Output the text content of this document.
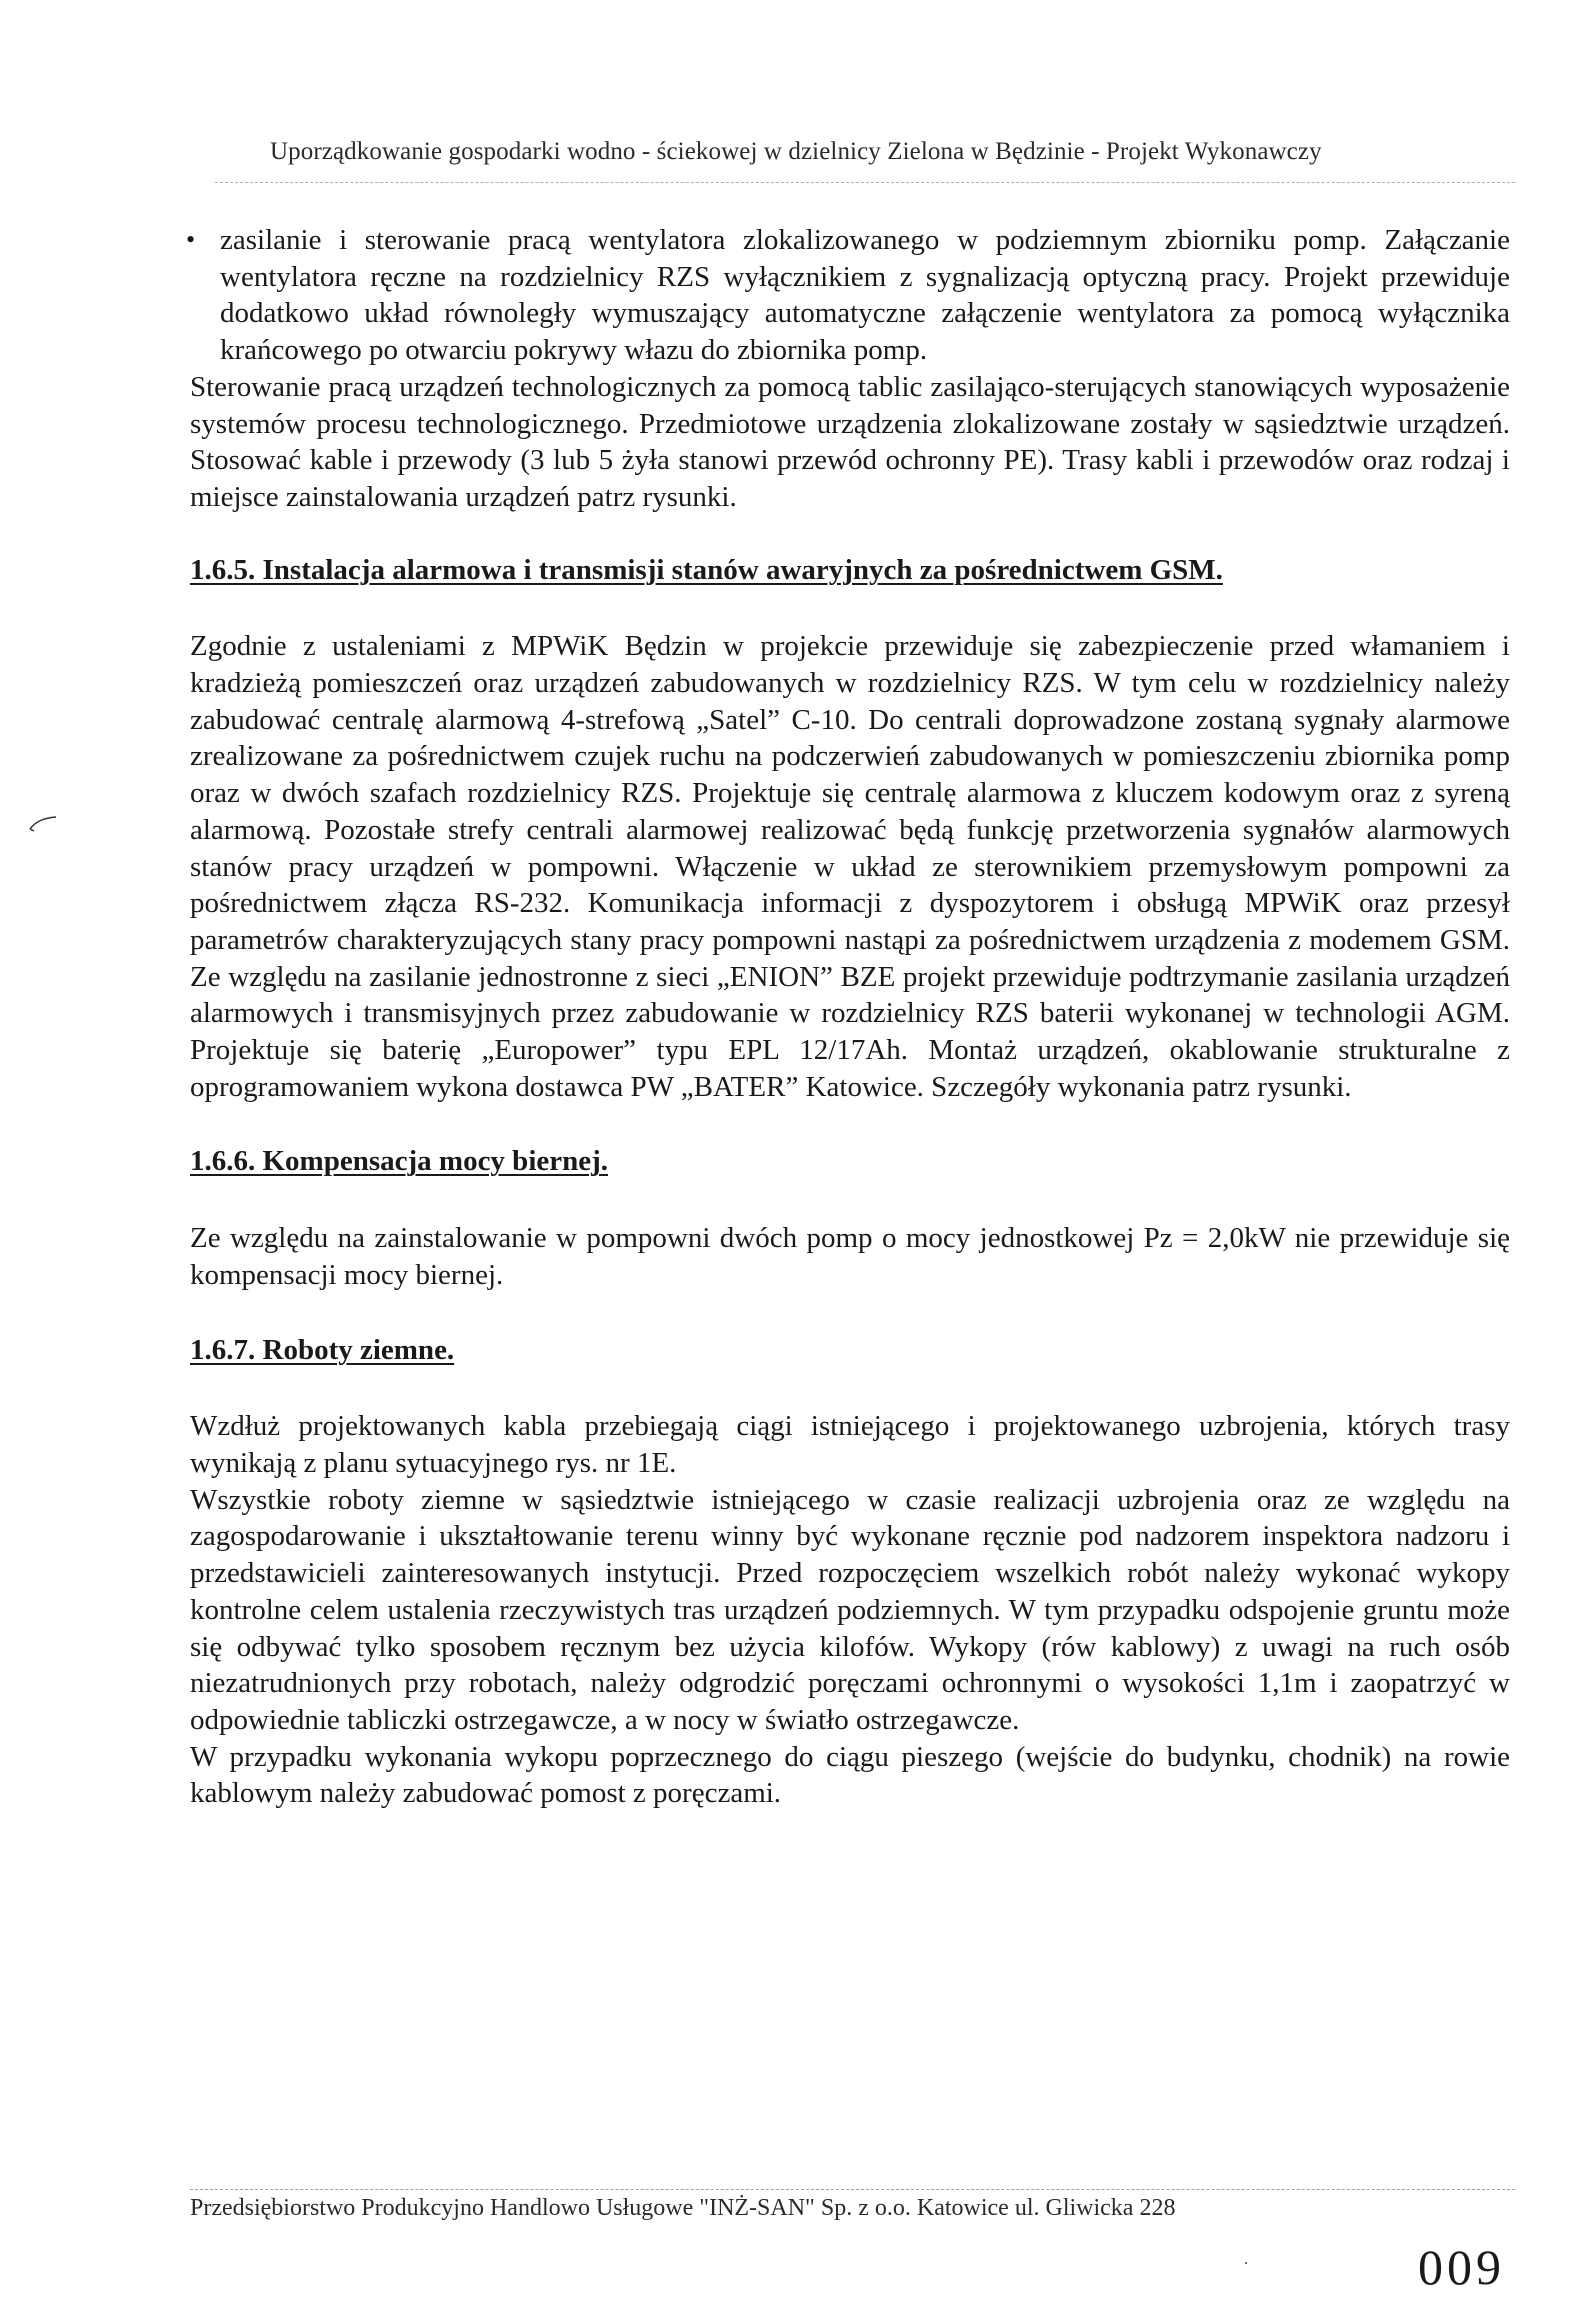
Uporządkowanie gospodarki wodno - ściekowej w dzielnicy Zielona w Będzinie - Projekt Wykonawczy
• zasilanie i sterowanie pracą wentylatora zlokalizowanego w podziemnym zbiorniku pomp. Załączanie wentylatora ręczne na rozdzielnicy RZS wyłącznikiem z sygnalizacją optyczną pracy. Projekt przewiduje dodatkowo układ równoległy wymuszający automatyczne załączenie wentylatora za pomocą wyłącznika krańcowego po otwarciu pokrywy włazu do zbiornika pomp.

Sterowanie pracą urządzeń technologicznych za pomocą tablic zasilająco-sterujących stanowiących wyposażenie systemów procesu technologicznego. Przedmiotowe urządzenia zlokalizowane zostały w sąsiedztwie urządzeń. Stosować kable i przewody (3 lub 5 żyła stanowi przewód ochronny PE). Trasy kabli i przewodów oraz rodzaj i miejsce zainstalowania urządzeń patrz rysunki.

1.6.5. Instalacja alarmowa i transmisji stanów awaryjnych za pośrednictwem GSM.

Zgodnie z ustaleniami z MPWiK Będzin w projekcie przewiduje się zabezpieczenie przed włamaniem i kradzieżą pomieszczeń oraz urządzeń zabudowanych w rozdzielnicy RZS. W tym celu w rozdzielnicy należy zabudować centralę alarmową 4-strefową „Satel” C-10. Do centrali doprowadzone zostaną sygnały alarmowe zrealizowane za pośrednictwem czujek ruchu na podczerwień zabudowanych w pomieszczeniu zbiornika pomp oraz w dwóch szafach rozdzielnicy RZS. Projektuje się centralę alarmowa z kluczem kodowym oraz z syreną alarmową. Pozostałe strefy centrali alarmowej realizować będą funkcję przetworzenia sygnałów alarmowych stanów pracy urządzeń w pompowni. Włączenie w układ ze sterownikiem przemysłowym pompowni za pośrednictwem złącza RS-232. Komunikacja informacji z dyspozytorem i obsługą MPWiK oraz przesył parametrów charakteryzujących stany pracy pompowni nastąpi za pośrednictwem urządzenia z modemem GSM. Ze względu na zasilanie jednostronne z sieci „ENION” BZE projekt przewiduje podtrzymanie zasilania urządzeń alarmowych i transmisyjnych przez zabudowanie w rozdzielnicy RZS baterii wykonanej w technologii AGM. Projektuje się baterię „Europower” typu EPL 12/17Ah. Montaż urządzeń, okablowanie strukturalne z oprogramowaniem wykona dostawca PW „BATER” Katowice. Szczegóły wykonania patrz rysunki.

1.6.6. Kompensacja mocy biernej.

Ze względu na zainstalowanie w pompowni dwóch pomp o mocy jednostkowej Pz = 2,0kW nie przewiduje się kompensacji mocy biernej.

1.6.7. Roboty ziemne.

Wzdłuż projektowanych kabla przebiegają ciągi istniejącego i projektowanego uzbrojenia, których trasy wynikają z planu sytuacyjnego rys. nr 1E.

Wszystkie roboty ziemne w sąsiedztwie istniejącego w czasie realizacji uzbrojenia oraz ze względu na zagospodarowanie i ukształtowanie terenu winny być wykonane ręcznie pod nadzorem inspektora nadzoru i przedstawicieli zainteresowanych instytucji. Przed rozpoczęciem wszelkich robót należy wykonać wykopy kontrolne celem ustalenia rzeczywistych tras urządzeń podziemnych. W tym przypadku odspojenie gruntu może się odbywać tylko sposobem ręcznym bez użycia kilofów. Wykopy (rów kablowy) z uwagi na ruch osób niezatrudnionych przy robotach, należy odgrodzić poręczami ochronnymi o wysokości 1,1m i zaopatrzyć w odpowiednie tabliczki ostrzegawcze, a w nocy w światło ostrzegawcze.

W przypadku wykonania wykopu poprzecznego do ciągu pieszego (wejście do budynku, chodnik) na rowie kablowym należy zabudować pomost z poręczami.

Przedsiębiorstwo Produkcyjno Handlowo Usługowe "INŻ-SAN" Sp. z o.o. Katowice ul. Gliwicka 228
009
